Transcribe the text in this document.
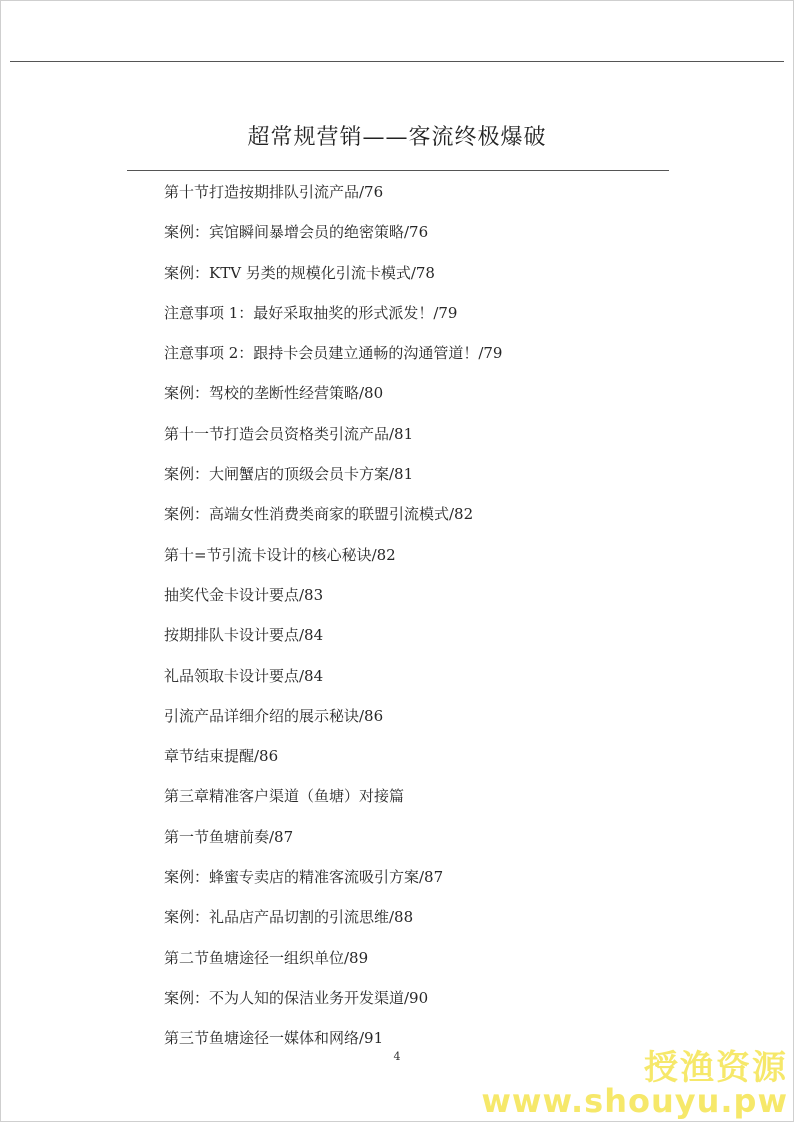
超常规营销——客流终极爆破
第十节打造按期排队引流产品/76
案例：宾馆瞬间暴增会员的绝密策略/76
案例：KTV 另类的规模化引流卡模式/78
注意事项 1：最好采取抽奖的形式派发！/79
注意事项 2：跟持卡会员建立通畅的沟通管道！/79
案例：驾校的垄断性经营策略/80
第十一节打造会员资格类引流产品/81
案例：大闸蟹店的顶级会员卡方案/81
案例：高端女性消费类商家的联盟引流模式/82
第十=节引流卡设计的核心秘诀/82
抽奖代金卡设计要点/83
按期排队卡设计要点/84
礼品领取卡设计要点/84
引流产品详细介绍的展示秘诀/86
章节结束提醒/86
第三章精准客户渠道（鱼塘）对接篇
第一节鱼塘前奏/87
案例：蜂蜜专卖店的精准客流吸引方案/87
案例：礼品店产品切割的引流思维/88
第二节鱼塘途径一组织单位/89
案例：不为人知的保洁业务开发渠道/90
第三节鱼塘途径一媒体和网络/91
4	授渔资源
www.shouyu.pw
